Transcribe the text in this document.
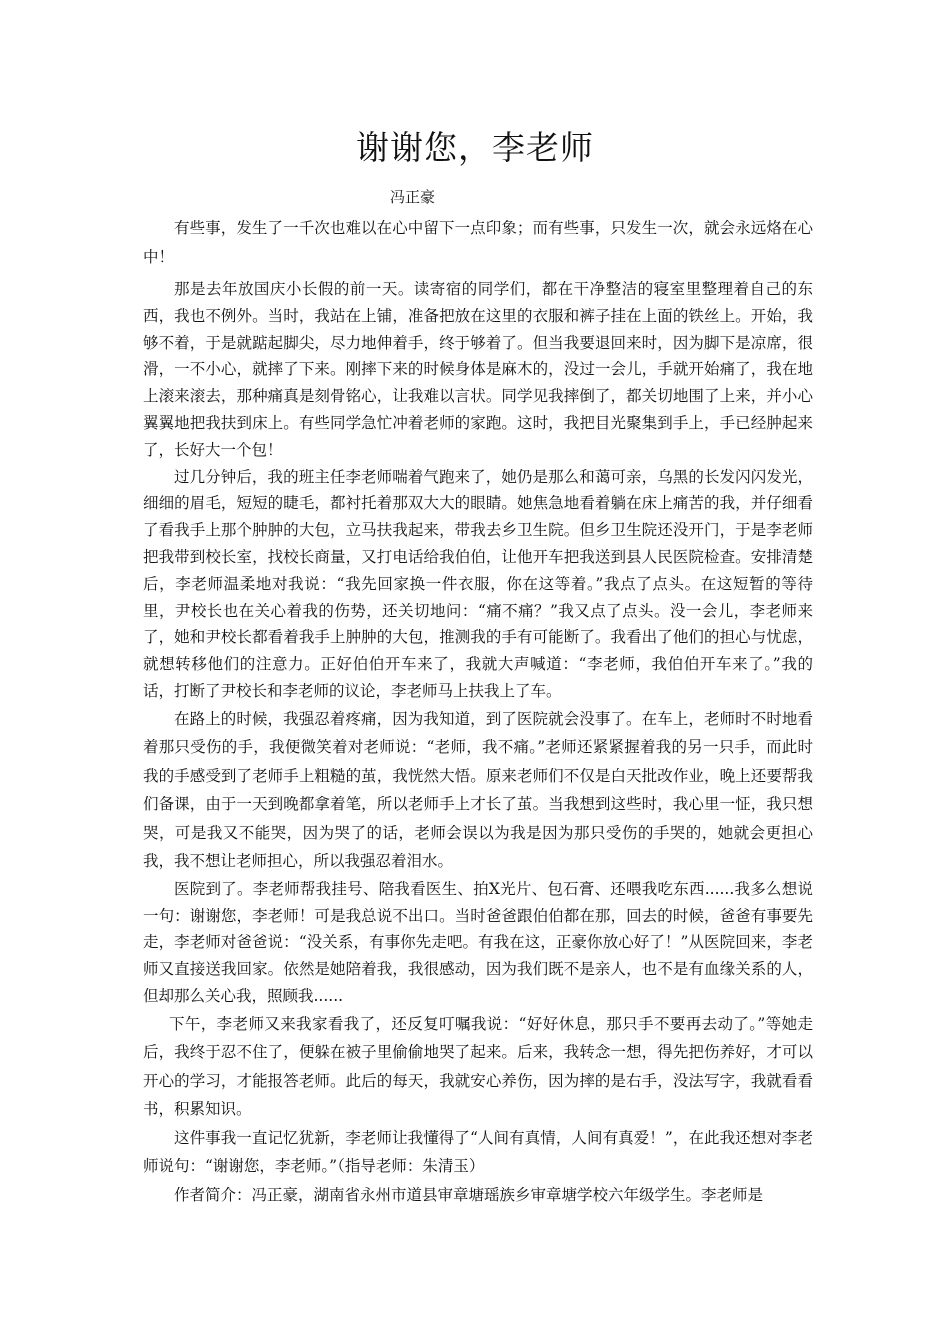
谢谢您，李老师
冯正豪

有些事，发生了一千次也难以在心中留下一点印象；而有些事，只发生一次，就会永远烙在心中！

那是去年放国庆小长假的前一天。读寄宿的同学们，都在干净整洁的寝室里整理着自己的东西，我也不例外。当时，我站在上铺，准备把放在这里的衣服和裤子挂在上面的铁丝上。开始，我够不着，于是就踮起脚尖，尽力地伸着手，终于够着了。但当我要退回来时，因为脚下是凉席，很滑，一不小心，就摔了下来。刚摔下来的时候身体是麻木的，没过一会儿，手就开始痛了，我在地上滚来滚去，那种痛真是刻骨铭心，让我难以言状。同学见我摔倒了，都关切地围了上来，并小心翼翼地把我扶到床上。有些同学急忙冲着老师的家跑。这时，我把目光聚集到手上，手已经肿起来了，长好大一个包！

过几分钟后，我的班主任李老师喘着气跑来了，她仍是那么和蔼可亲，乌黑的长发闪闪发光，细细的眉毛，短短的睫毛，都衬托着那双大大的眼睛。她焦急地看着躺在床上痛苦的我，并仔细看了看我手上那个肿肿的大包，立马扶我起来，带我去乡卫生院。但乡卫生院还没开门，于是李老师把我带到校长室，找校长商量，又打电话给我伯伯，让他开车把我送到县人民医院检查。安排清楚后，李老师温柔地对我说：“我先回家换一件衣服，你在这等着。”我点了点头。在这短暂的等待里，尹校长也在关心着我的伤势，还关切地问：“痛不痛？”我又点了点头。没一会儿，李老师来了，她和尹校长都看着我手上肿肿的大包，推测我的手有可能断了。我看出了他们的担心与忧虑，就想转移他们的注意力。正好伯伯开车来了，我就大声喊道：“李老师，我伯伯开车来了。”我的话，打断了尹校长和李老师的议论，李老师马上扶我上了车。

在路上的时候，我强忍着疼痛，因为我知道，到了医院就会没事了。在车上，老师时不时地看着那只受伤的手，我便微笑着对老师说：“老师，我不痛。”老师还紧紧握着我的另一只手，而此时我的手感受到了老师手上粗糙的茧，我恍然大悟。原来老师们不仅是白天批改作业，晚上还要帮我们备课，由于一天到晚都拿着笔，所以老师手上才长了茧。当我想到这些时，我心里一怔，我只想哭，可是我又不能哭，因为哭了的话，老师会误以为我是因为那只受伤的手哭的，她就会更担心我，我不想让老师担心，所以我强忍着泪水。

医院到了。李老师帮我挂号、陪我看医生、拍X光片、包石膏、还喂我吃东西......我多么想说一句：谢谢您，李老师！可是我总说不出口。当时爸爸跟伯伯都在那，回去的时候，爸爸有事要先走，李老师对爸爸说：“没关系，有事你先走吧。有我在这，正豪你放心好了！”从医院回来，李老师又直接送我回家。依然是她陪着我，我很感动，因为我们既不是亲人，也不是有血缘关系的人，但却那么关心我，照顾我......

下午，李老师又来我家看我了，还反复叮嘱我说：“好好休息，那只手不要再去动了。”等她走后，我终于忍不住了，便躲在被子里偷偷地哭了起来。后来，我转念一想，得先把伤养好，才可以开心的学习，才能报答老师。此后的每天，我就安心养伤，因为摔的是右手，没法写字，我就看看书，积累知识。

这件事我一直记忆犹新，李老师让我懂得了“人间有真情，人间有真爱！”，在此我还想对李老师说句：“谢谢您，李老师。”（指导老师：朱清玉）

作者简介：冯正豪，湖南省永州市道县审章塘瑶族乡审章塘学校六年级学生。李老师是
